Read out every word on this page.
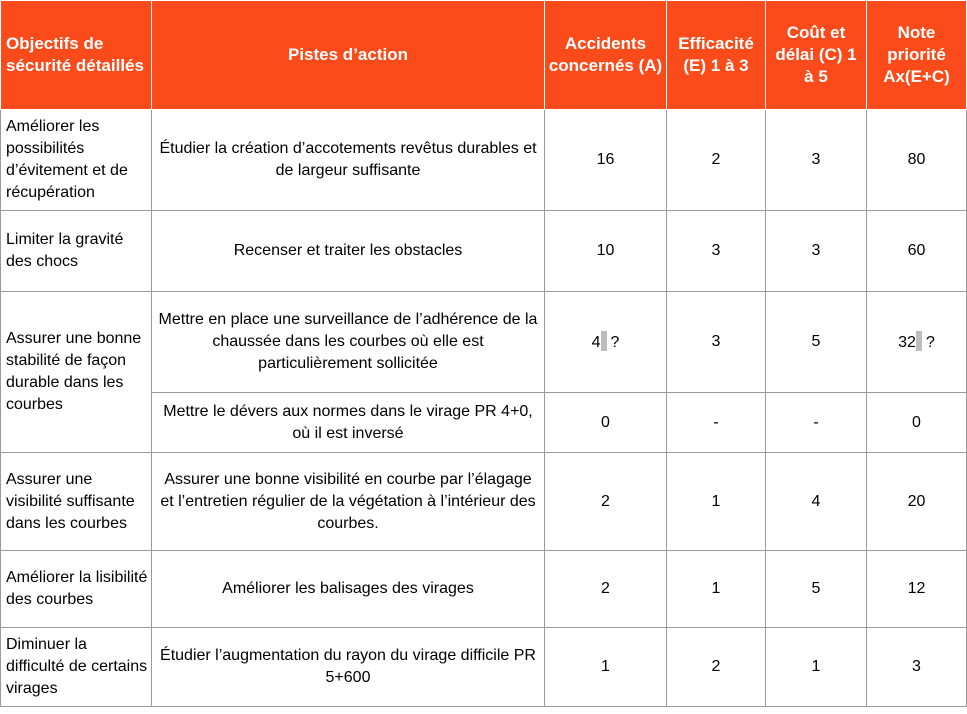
Objectifs de sécurité détaillés	Pistes d’action	Accidents concernés (A)	Efficacité (E) 1 à 3	Coût et délai (C) 1 à 5	Note priorité Ax(E+C)
Améliorer les possibilités d’évitement et de récupération	Étudier la création d’accotements revêtus durables et de largeur suffisante	16	2	3	80
Limiter la gravité des chocs	Recenser et traiter les obstacles	10	3	3	60
Assurer une bonne stabilité de façon durable dans les courbes	Mettre en place une surveillance de l’adhérence de la chaussée dans les courbes où elle est particulièrement sollicitée	4 ?	3	5	32 ?
	Mettre le dévers aux normes dans le virage PR 4+0, où il est inversé	0	-	-	0
Assurer une visibilité suffisante dans les courbes	Assurer une bonne visibilité en courbe par l’élagage et l’entretien régulier de la végétation à l’intérieur des courbes.	2	1	4	20
Améliorer la lisibilité des courbes	Améliorer les balisages des virages	2	1	5	12
Diminuer la difficulté de certains virages	Étudier l’augmentation du rayon du virage difficile PR 5+600	1	2	1	3
